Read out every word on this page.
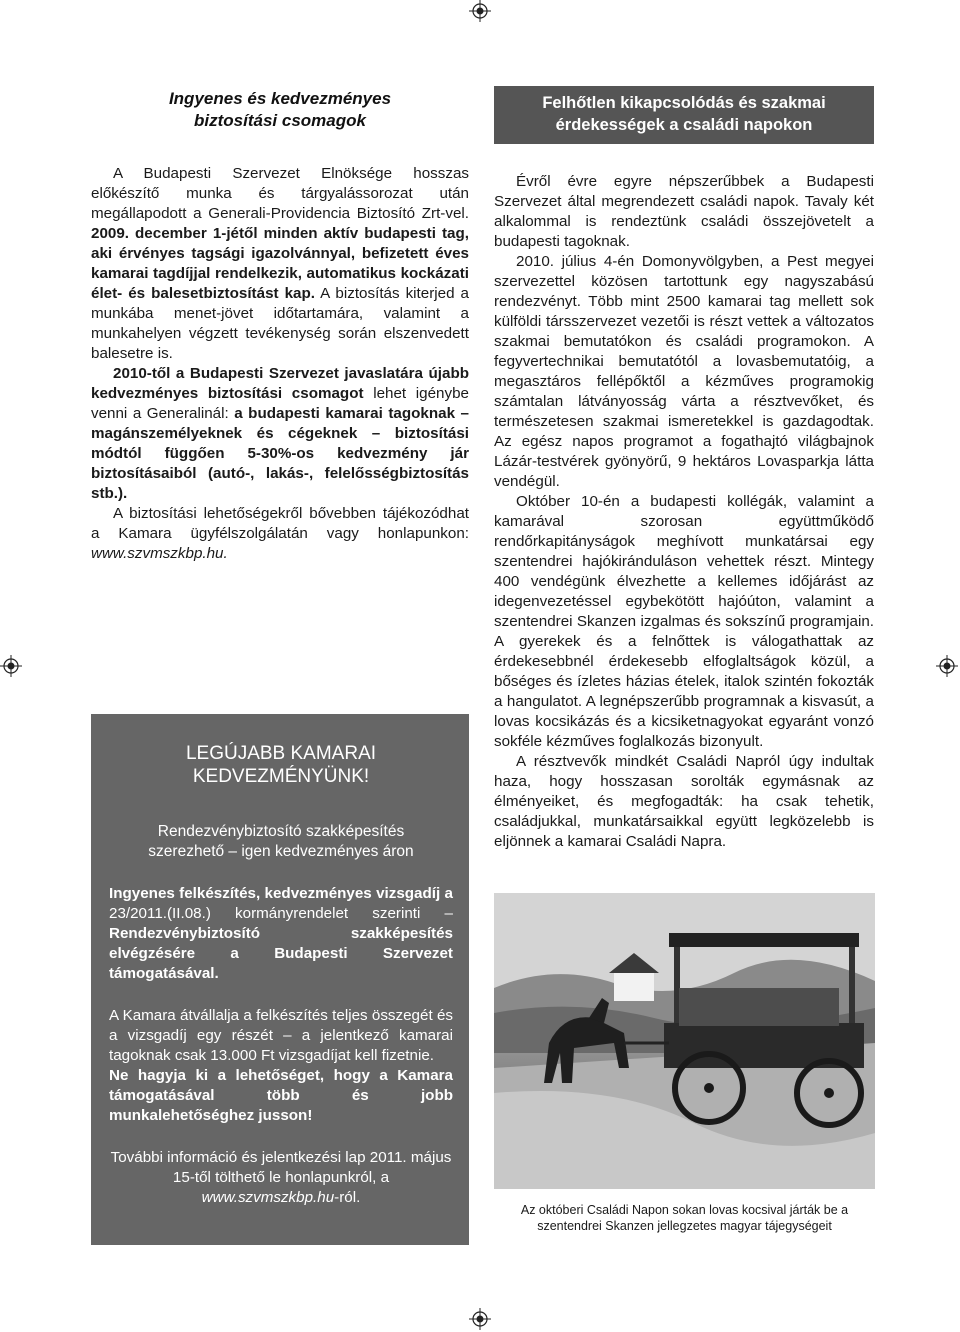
Ingyenes és kedvezményes
biztosítási csomagok

A Budapesti Szervezet Elnöksége hosszas előkészítő munka és tárgyalássorozat után megállapodott a Generali-Providencia Biztosító Zrt-vel. 2009. december 1-jétől minden aktív budapesti tag, aki érvényes tagsági igazolvánnyal, befizetett éves kamarai tagdíjjal rendelkezik, automatikus kockázati élet- és balesetbiztosítást kap. A biztosítás kiterjed a munkába menet-jövet időtartamára, valamint a munkahelyen végzett tevékenység során elszenvedett balesetre is.

2010-től a Budapesti Szervezet javaslatára újabb kedvezményes biztosítási csomagot lehet igénybe venni a Generalinál: a budapesti kamarai tagoknak – magánszemélyeknek és cégeknek – biztosítási módtól függően 5-30%-os kedvezmény jár biztosításaiból (autó-, lakás-, felelősségbiztosítás stb.).

A biztosítási lehetőségekről bővebben tájékozódhat a Kamara ügyfélszolgálatán vagy honlapunkon: www.szvmszkbp.hu.

LEGÚJABB KAMARAI
KEDVEZMÉNYÜNK!
Rendezvénybiztosító szakképesítés
szerezhető – igen kedvezményes áron

Ingyenes felkészítés, kedvezményes vizsgadíj a 23/2011.(II.08.) kormányrendelet szerinti – Rendezvénybiztosító szakképesítés elvégzésére a Budapesti Szervezet támogatásával.

A Kamara átvállalja a felkészítés teljes összegét és a vizsgadíj egy részét – a jelentkező kamarai tagoknak csak 13.000 Ft vizsgadíjat kell fizetnie.

Ne hagyja ki a lehetőséget, hogy a Kamara támogatásával több és jobb munkalehetőséghez jusson!

További információ és jelentkezési lap 2011. május 15-től tölthető le honlapunkról, a www.szvmszkbp.hu-ról.

Felhőtlen kikapcsolódás és szakmai
érdekességek a családi napokon

Évről évre egyre népszerűbbek a Budapesti Szervezet által megrendezett családi napok. Tavaly két alkalommal is rendeztünk családi összejövetelt a budapesti tagoknak.

2010. július 4-én Domonyvölgyben, a Pest megyei szervezettel közösen tartottunk egy nagyszabású rendezvényt. Több mint 2500 kamarai tag mellett sok külföldi társszervezet vezetői is részt vettek a változatos szakmai bemutatókon és családi programokon. A fegyvertechnikai bemutatótól a lovasbemutatóig, a megasztáros fellépőktől a kézműves programokig számtalan látványosság várta a résztvevőket, és természetesen szakmai ismeretekkel is gazdagodtak. Az egész napos programot a fogathajtó világbajnok Lázár-testvérek gyönyörű, 9 hektáros Lovasparkja látta vendégül.

Október 10-én a budapesti kollégák, valamint a kamarával szorosan együttműködő rendőrkapitányságok meghívott munkatársai egy szentendrei hajókiránduláson vehettek részt. Mintegy 400 vendégünk élvezhette a kellemes időjárást az idegenvezetéssel egybekötött hajóúton, valamint a szentendrei Skanzen izgalmas és sokszínű programjain. A gyerekek és a felnőttek is válogathattak az érdekesebbnél érdekesebb elfoglaltságok közül, a bőséges és ízletes házias ételek, italok szintén fokozták a hangulatot. A legnépszerűbb programnak a kisvasút, a lovas kocsikázás és a kicsiketnagyokat egyaránt vonzó sokféle kézműves foglalkozás bizonyult.

A résztvevők mindkét Családi Napról úgy indultak haza, hogy hosszasan sorolták egymásnak az élményeiket, és megfogadták: ha csak tehetik, családjukkal, munkatársaikkal együtt legközelebb is eljönnek a kamarai Családi Napra.

Az októberi Családi Napon sokan lovas kocsival járták be a
szentendrei Skanzen jellegzetes magyar tájegységeit
